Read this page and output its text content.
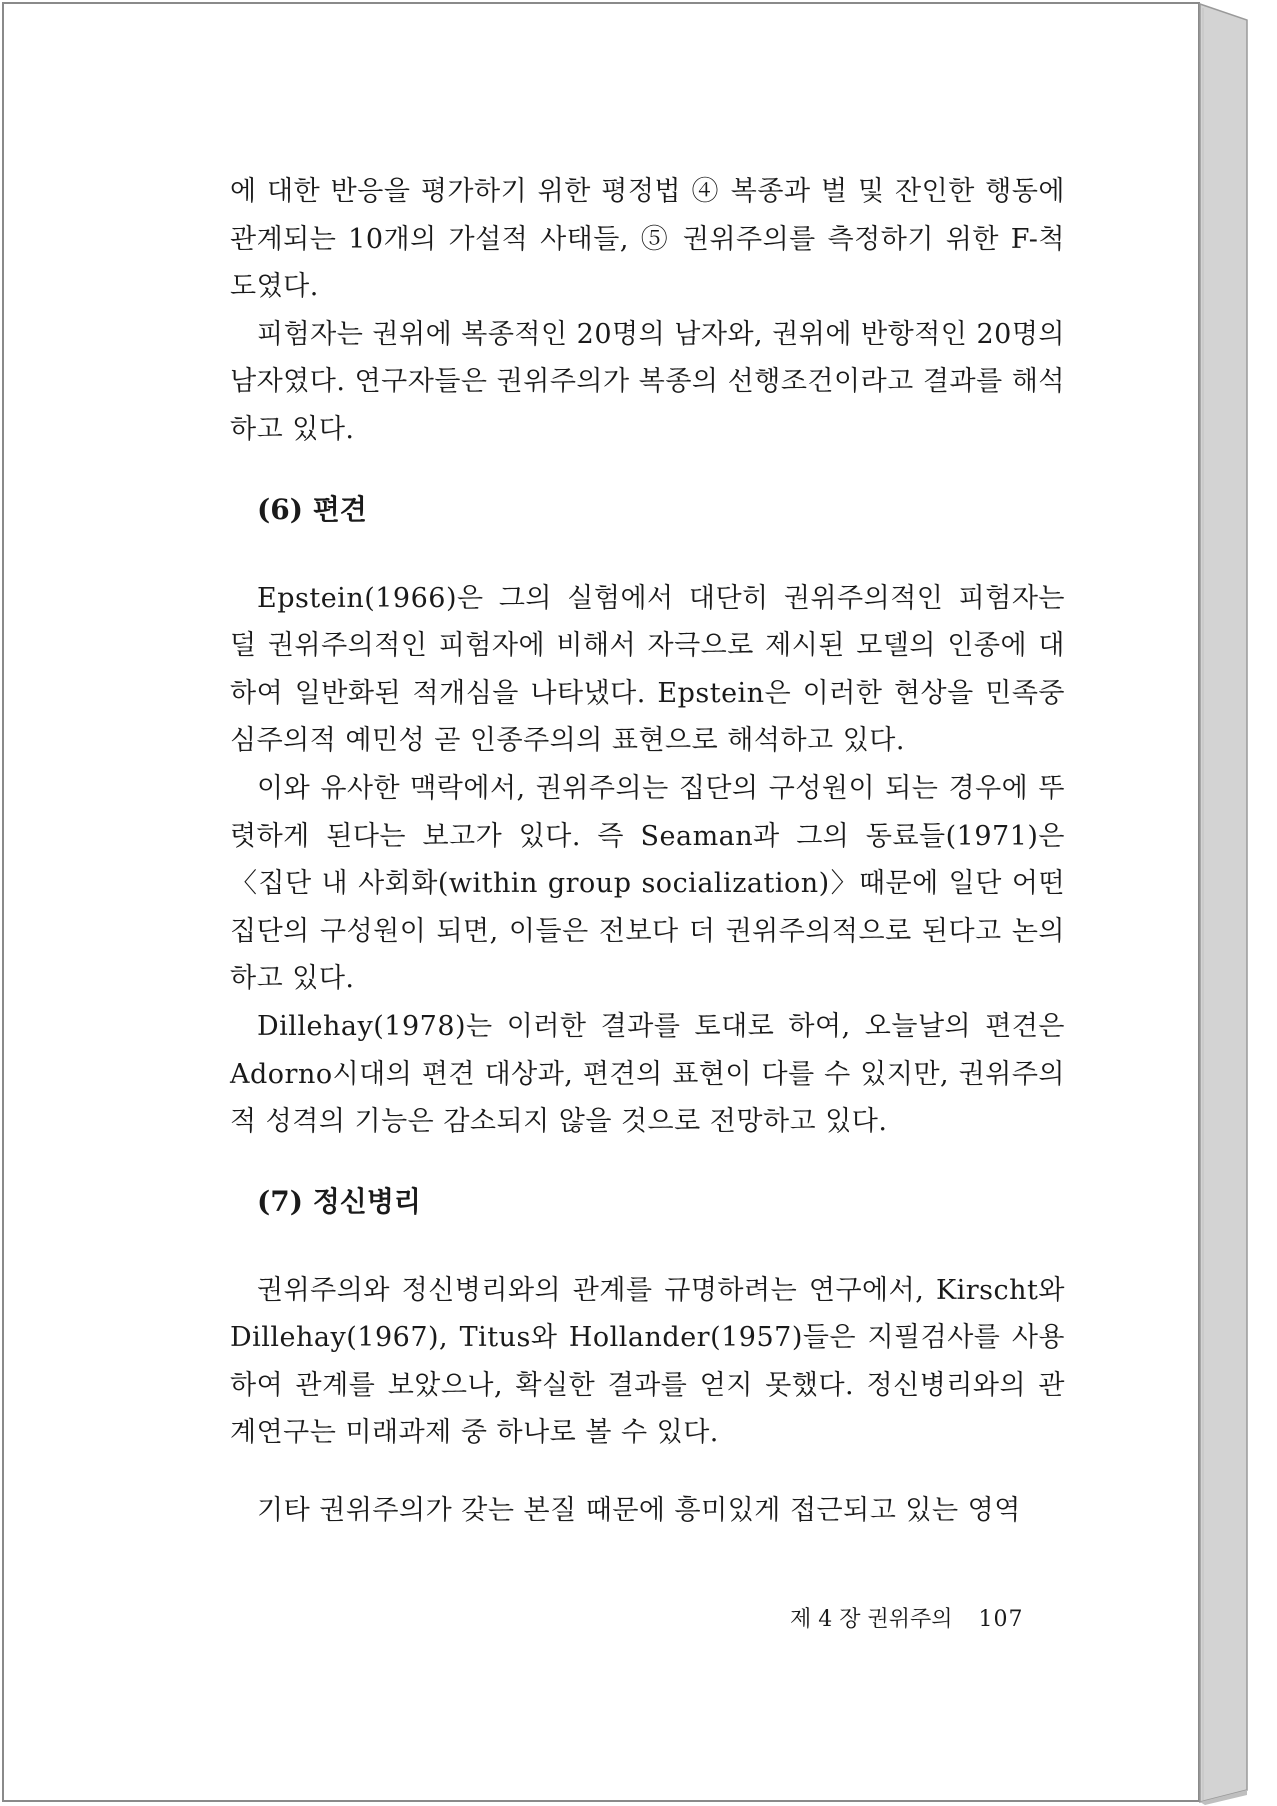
에 대한 반응을 평가하기 위한 평정법 ④ 복종과 벌 및 잔인한 행동에 관계되는 10개의 가설적 사태들, ⑤ 권위주의를 측정하기 위한 F-척도였다.

피험자는 권위에 복종적인 20명의 남자와, 권위에 반항적인 20명의 남자였다. 연구자들은 권위주의가 복종의 선행조건이라고 결과를 해석하고 있다.

(6) 편견

Epstein(1966)은 그의 실험에서 대단히 권위주의적인 피험자는 덜 권위주의적인 피험자에 비해서 자극으로 제시된 모델의 인종에 대하여 일반화된 적개심을 나타냈다. Epstein은 이러한 현상을 민족중심주의적 예민성 곧 인종주의의 표현으로 해석하고 있다.

이와 유사한 맥락에서, 권위주의는 집단의 구성원이 되는 경우에 뚜렷하게 된다는 보고가 있다. 즉 Seaman과 그의 동료들(1971)은 〈집단 내 사회화(within group socialization)〉때문에 일단 어떤 집단의 구성원이 되면, 이들은 전보다 더 권위주의적으로 된다고 논의하고 있다.

Dillehay(1978)는 이러한 결과를 토대로 하여, 오늘날의 편견은 Adorno시대의 편견 대상과, 편견의 표현이 다를 수 있지만, 권위주의적 성격의 기능은 감소되지 않을 것으로 전망하고 있다.

(7) 정신병리

권위주의와 정신병리와의 관계를 규명하려는 연구에서, Kirscht와 Dillehay(1967), Titus와 Hollander(1957)들은 지필검사를 사용하여 관계를 보았으나, 확실한 결과를 얻지 못했다. 정신병리와의 관계연구는 미래과제 중 하나로 볼 수 있다.

기타 권위주의가 갖는 본질 때문에 흥미있게 접근되고 있는 영역

제 4 장 권위주의 107
